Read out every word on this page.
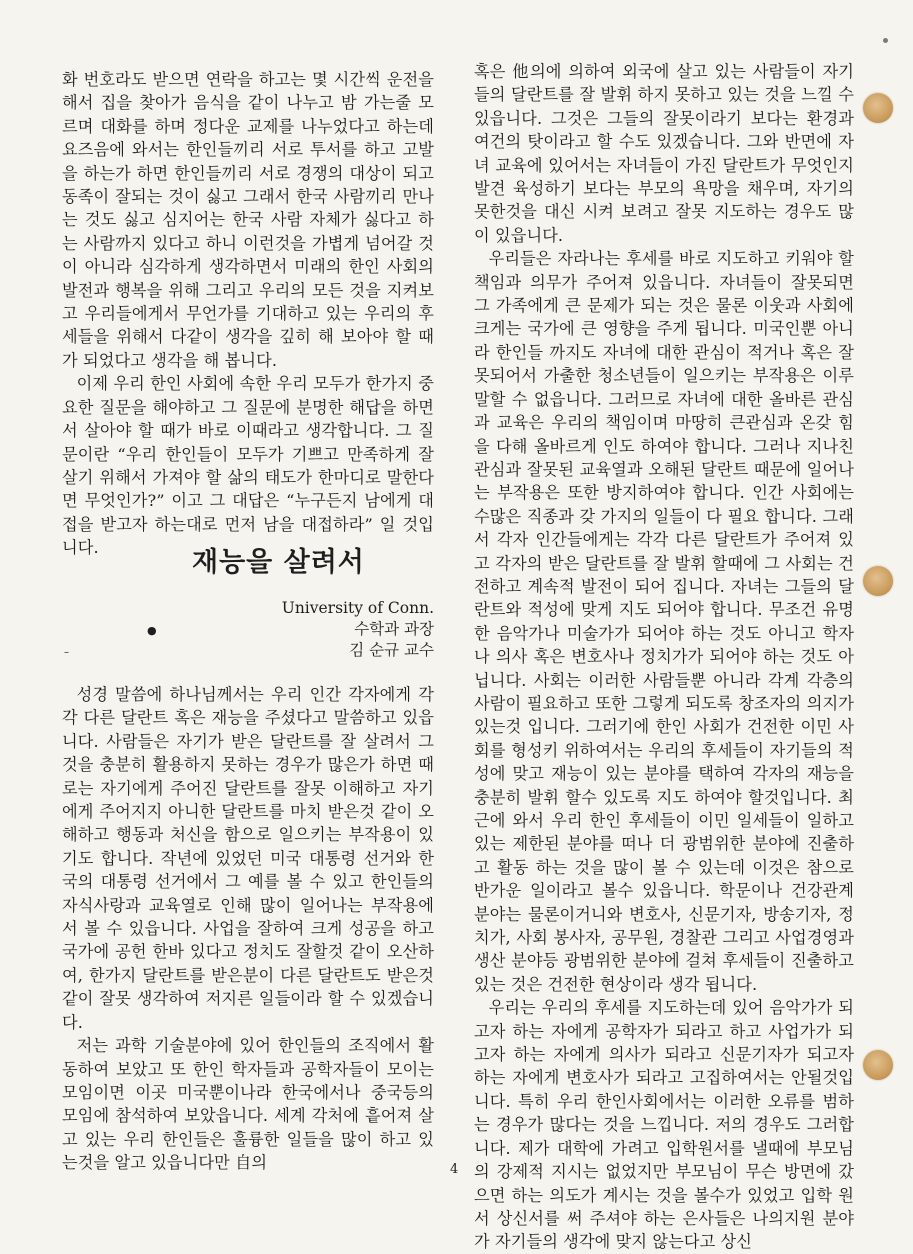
화 번호라도 받으면 연락을 하고는 몇 시간씩 운전을 해서 집을 찾아가 음식을 같이 나누고 밤 가는줄 모르며 대화를 하며 정다운 교제를 나누었다고 하는데 요즈음에 와서는 한인들끼리 서로 투서를 하고 고발을 하는가 하면 한인들끼리 서로 경쟁의 대상이 되고 동족이 잘되는 것이 싫고 그래서 한국 사람끼리 만나는 것도 싫고 심지어는 한국 사람 자체가 싫다고 하는 사람까지 있다고 하니 이런것을 가볍게 넘어갈 것이 아니라 심각하게 생각하면서 미래의 한인 사회의 발전과 행복을 위해 그리고 우리의 모든 것을 지켜보고 우리들에게서 무언가를 기대하고 있는 우리의 후세들을 위해서 다같이 생각을 깊히 해 보아야 할 때가 되었다고 생각을 해 봅니다.

이제 우리 한인 사회에 속한 우리 모두가 한가지 중요한 질문을 해야하고 그 질문에 분명한 해답을 하면서 살아야 할 때가 바로 이때라고 생각합니다. 그 질문이란 “우리 한인들이 모두가 기쁘고 만족하게 잘 살기 위해서 가져야 할 삶의 태도가 한마디로 말한다면 무엇인가?” 이고 그 대답은 “누구든지 남에게 대접을 받고자 하는대로 먼저 남을 대접하라” 일 것입니다.	재능을 살려서
University of Conn.
수학과 과장
김 순규 교수
●
–

성경 말씀에 하나님께서는 우리 인간 각자에게 각각 다른 달란트 혹은 재능을 주셨다고 말씀하고 있읍니다. 사람들은 자기가 받은 달란트를 잘 살려서 그것을 충분히 활용하지 못하는 경우가 많은가 하면 때로는 자기에게 주어진 달란트를 잘못 이해하고 자기에게 주어지지 아니한 달란트를 마치 받은것 같이 오해하고 행동과 처신을 함으로 일으키는 부작용이 있기도 합니다. 작년에 있었던 미국 대통령 선거와 한국의 대통령 선거에서 그 예를 볼 수 있고 한인들의 자식사랑과 교육열로 인해 많이 일어나는 부작용에서 볼 수 있읍니다. 사업을 잘하여 크게 성공을 하고 국가에 공헌 한바 있다고 정치도 잘할것 같이 오산하여, 한가지 달란트를 받은분이 다른 달란트도 받은것 같이 잘못 생각하여 저지른 일들이라 할 수 있겠습니다.

저는 과학 기술분야에 있어 한인들의 조직에서 활동하여 보았고 또 한인 학자들과 공학자들이 모이는 모임이면 이곳 미국뿐이나라 한국에서나 중국등의 모임에 참석하여 보았읍니다. 세계 각처에 흩어져 살고 있는 우리 한인들은 훌륭한 일들을 많이 하고 있는것을 알고 있읍니다만 自의

혹은 他의에 의하여 외국에 살고 있는 사람들이 자기들의 달란트를 잘 발휘 하지 못하고 있는 것을 느낄 수 있읍니다. 그것은 그들의 잘못이라기 보다는 환경과 여건의 탓이라고 할 수도 있겠습니다. 그와 반면에 자녀 교육에 있어서는 자녀들이 가진 달란트가 무엇인지 발견 육성하기 보다는 부모의 욕망을 채우며, 자기의 못한것을 대신 시켜 보려고 잘못 지도하는 경우도 많이 있읍니다.

우리들은 자라나는 후세를 바로 지도하고 키워야 할 책임과 의무가 주어져 있읍니다. 자녀들이 잘못되면 그 가족에게 큰 문제가 되는 것은 물론 이웃과 사회에 크게는 국가에 큰 영향을 주게 됩니다. 미국인뿐 아니라 한인들 까지도 자녀에 대한 관심이 적거나 혹은 잘못되어서 가출한 청소년들이 일으키는 부작용은 이루 말할 수 없읍니다. 그러므로 자녀에 대한 올바른 관심과 교육은 우리의 책임이며 마땅히 큰관심과 온갖 힘을 다해 올바르게 인도 하여야 합니다. 그러나 지나친 관심과 잘못된 교육열과 오해된 달란트 때문에 일어나는 부작용은 또한 방지하여야 합니다. 인간 사회에는 수많은 직종과 갖 가지의 일들이 다 필요 합니다. 그래서 각자 인간들에게는 각각 다른 달란트가 주어져 있고 각자의 받은 달란트를 잘 발휘 할때에 그 사회는 건전하고 계속적 발전이 되어 집니다. 자녀는 그들의 달란트와 적성에 맞게 지도 되어야 합니다. 무조건 유명한 음악가나 미술가가 되어야 하는 것도 아니고 학자나 의사 혹은 변호사나 정치가가 되어야 하는 것도 아닙니다. 사회는 이러한 사람들뿐 아니라 각계 각층의 사람이 필요하고 또한 그렇게 되도록 창조자의 의지가 있는것 입니다. 그러기에 한인 사회가 건전한 이민 사회를 형성키 위하여서는 우리의 후세들이 자기들의 적성에 맞고 재능이 있는 분야를 택하여 각자의 재능을 충분히 발휘 할수 있도록 지도 하여야 할것입니다. 최근에 와서 우리 한인 후세들이 이민 일세들이 일하고 있는 제한된 분야를 떠나 더 광범위한 분야에 진출하고 활동 하는 것을 많이 볼 수 있는데 이것은 참으로 반가운 일이라고 볼수 있읍니다. 학문이나 건강관계 분야는 물론이거니와 변호사, 신문기자, 방송기자, 정치가, 사회 봉사자, 공무원, 경찰관 그리고 사업경영과 생산 분야등 광범위한 분야에 걸쳐 후세들이 진출하고 있는 것은 건전한 현상이라 생각 됩니다.

우리는 우리의 후세를 지도하는데 있어 음악가가 되고자 하는 자에게 공학자가 되라고 하고 사업가가 되고자 하는 자에게 의사가 되라고 신문기자가 되고자 하는 자에게 변호사가 되라고 고집하여서는 안될것입니다. 특히 우리 한인사회에서는 이러한 오류를 범하는 경우가 많다는 것을 느낍니다. 저의 경우도 그러합니다. 제가 대학에 가려고 입학원서를 낼때에 부모님의 강제적 지시는 없었지만 부모님이 무슨 방면에 갔으면 하는 의도가 계시는 것을 볼수가 있었고 입학 원서 상신서를 써 주셔야 하는 은사들은 나의지원 분야가 자기들의 생각에 맞지 않는다고 상신

4
